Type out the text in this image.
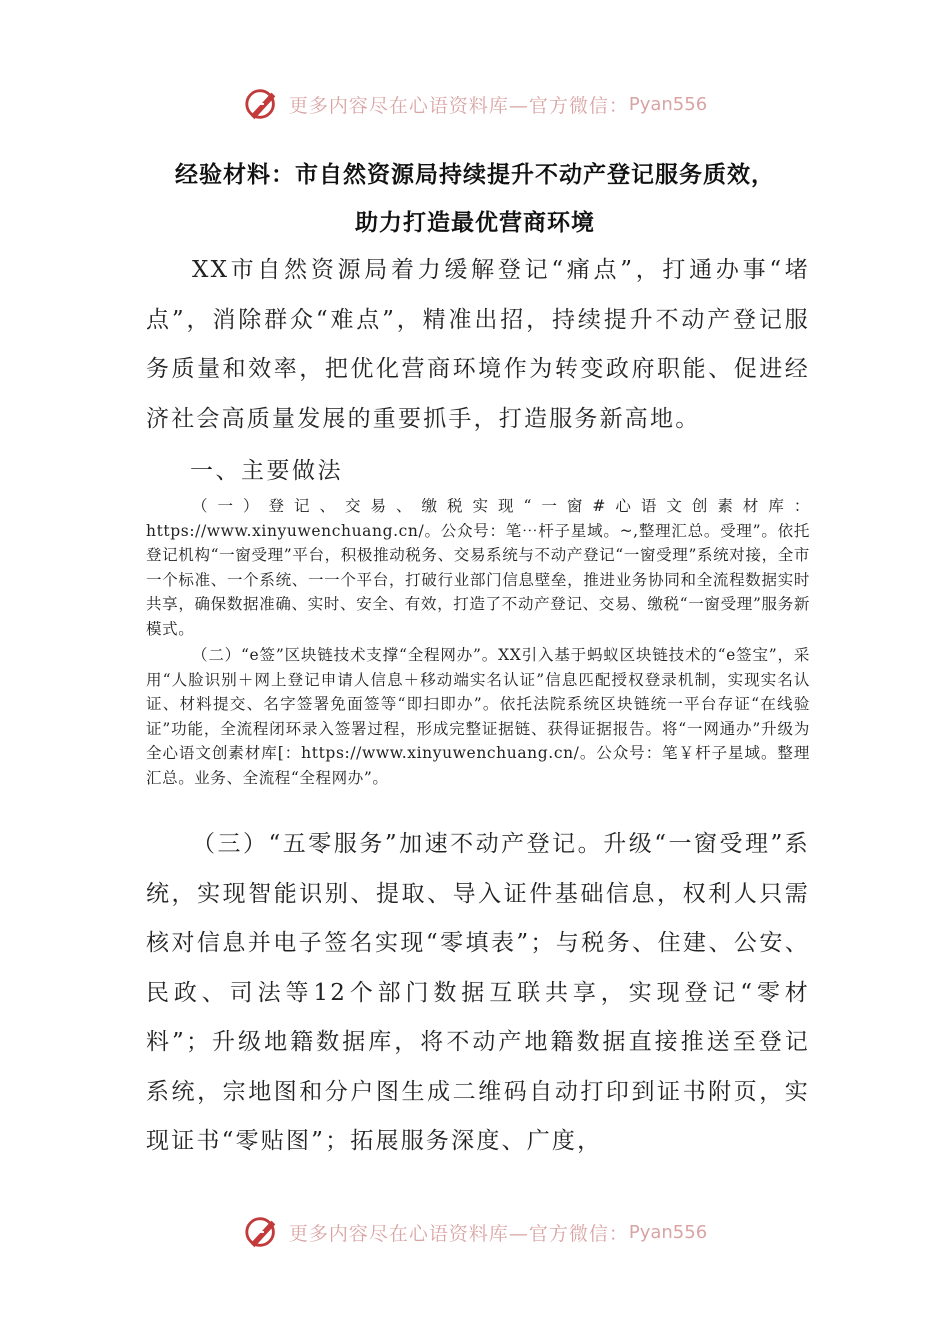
更多内容尽在心语资料库—官方微信： Pyan556
经验材料：市自然资源局持续提升不动产登记服务质效，
助力打造最优营商环境

XX市自然资源局着力缓解登记“痛点”，打通办事“堵点”，消除群众“难点”，精准出招，持续提升不动产登记服务质量和效率，把优化营商环境作为转变政府职能、促进经济社会高质量发展的重要抓手，打造服务新高地。

一、主要做法

（一）登记、交易、缴税实现“一窗#心语文创素材库：https://www.xinyuwenchuang.cn/。公众号：笔⋯杆子星域。~,整理汇总。受理”。依托登记机构“一窗受理”平台，积极推动税务、交易系统与不动产登记“一窗受理”系统对接，全市一个标准、一个系统、一一个平台，打破行业部门信息壁垒，推进业务协同和全流程数据实时共享，确保数据准确、实时、安全、有效，打造了不动产登记、交易、缴税“一窗受理”服务新模式。

（二）“e签”区块链技术支撑“全程网办”。XX引入基于蚂蚁区块链技术的“e签宝”，采用“人脸识别＋网上登记申请人信息＋移动端实名认证”信息匹配授权登录机制，实现实名认证、材料提交、名字签署免面签等“即扫即办”。依托法院系统区块链统一平台存证“在线验证”功能，全流程闭环录入签署过程，形成完整证据链、获得证据报告。将“一网通办”升级为全心语文创素材库[：https://www.xinyuwenchuang.cn/。公众号：笔￥杆子星域。整理汇总。业务、全流程“全程网办”。

（三）“五零服务”加速不动产登记。升级“一窗受理”系统，实现智能识别、提取、导入证件基础信息，权利人只需核对信息并电子签名实现“零填表”；与税务、住建、公安、民政、司法等12个部门数据互联共享，实现登记“零材料”；升级地籍数据库，将不动产地籍数据直接推送至登记系统，宗地图和分户图生成二维码自动打印到证书附页，实现证书“零贴图”；拓展服务深度、广度，

更多内容尽在心语资料库—官方微信： Pyan556
